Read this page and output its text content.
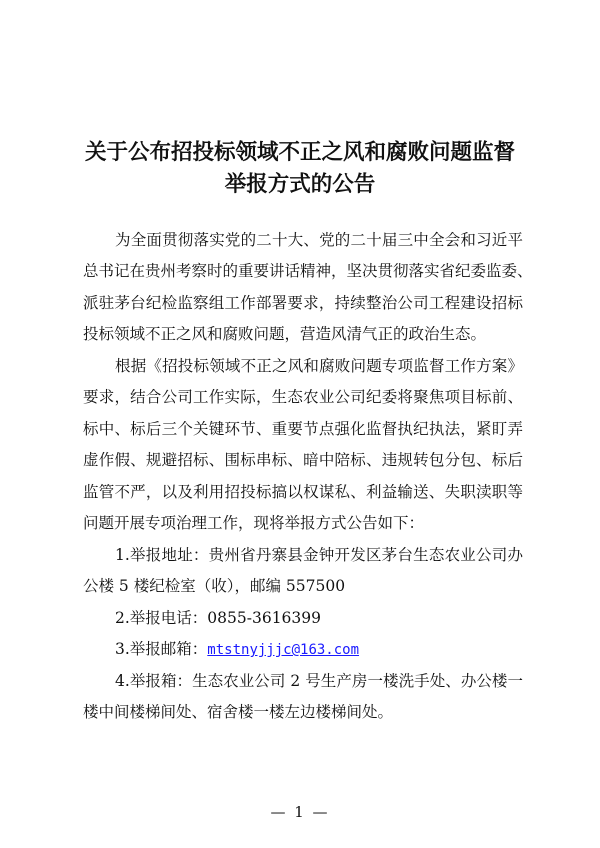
关于公布招投标领域不正之风和腐败问题监督
举报方式的公告
为全面贯彻落实党的二十大、党的二十届三中全会和习近平
总书记在贵州考察时的重要讲话精神，坚决贯彻落实省纪委监委、
派驻茅台纪检监察组工作部署要求，持续整治公司工程建设招标
投标领域不正之风和腐败问题，营造风清气正的政治生态。
根据《招投标领域不正之风和腐败问题专项监督工作方案》
要求，结合公司工作实际，生态农业公司纪委将聚焦项目标前、
标中、标后三个关键环节、重要节点强化监督执纪执法，紧盯弄
虚作假、规避招标、围标串标、暗中陪标、违规转包分包、标后
监管不严，以及利用招投标搞以权谋私、利益输送、失职渎职等
问题开展专项治理工作，现将举报方式公告如下：
1.举报地址：贵州省丹寨县金钟开发区茅台生态农业公司办
公楼 5 楼纪检室（收），邮编 557500
2.举报电话：0855-3616399
3.举报邮箱：mtstnyjjjc@163.com
4.举报箱：生态农业公司 2 号生产房一楼洗手处、办公楼一
楼中间楼梯间处、宿舍楼一楼左边楼梯间处。
— 1 —
